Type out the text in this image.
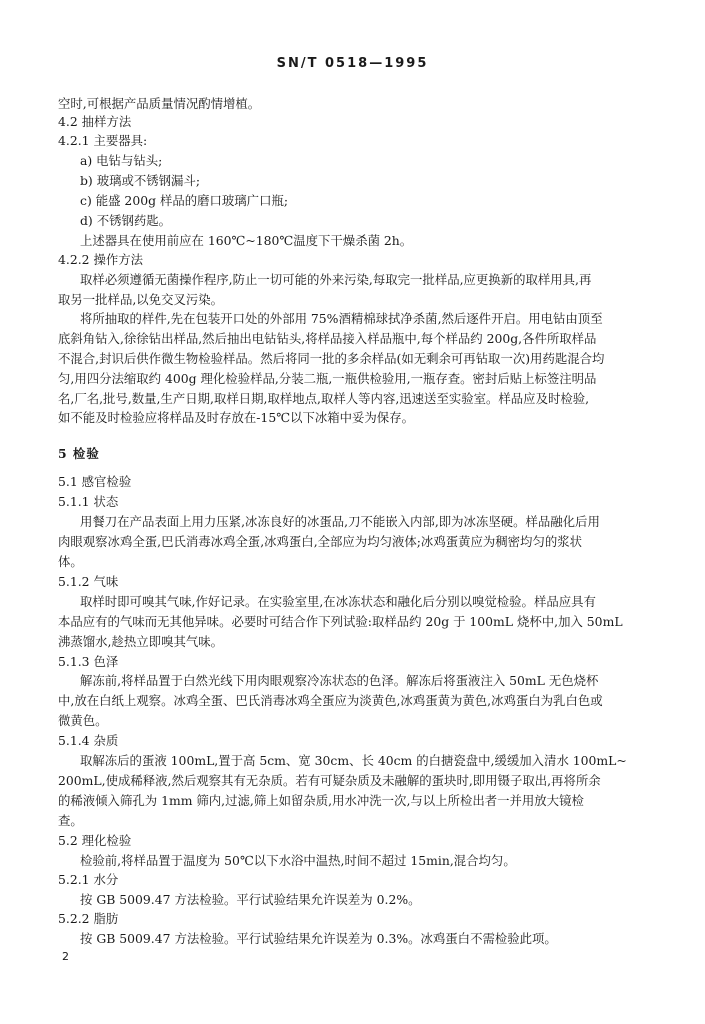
SN/T 0518—1995
空时,可根据产品质量情况酌情增植。
4.2 抽样方法
4.2.1 主要器具:
a) 电钻与钻头;
b) 玻璃或不锈钢漏斗;
c) 能盛 200g 样品的磨口玻璃广口瓶;
d) 不锈钢药匙。
上述器具在使用前应在 160℃~180℃温度下干燥杀菌 2h。
4.2.2 操作方法
取样必须遵循无菌操作程序,防止一切可能的外来污染,每取完一批样品,应更换新的取样用具,再
取另一批样品,以免交叉污染。
将所抽取的样件,先在包装开口处的外部用 75%酒精棉球拭净杀菌,然后逐件开启。用电钻由顶至
底斜角钻入,徐徐钻出样品,然后抽出电钻钻头,将样品接入样品瓶中,每个样品约 200g,各件所取样品
不混合,封识后供作微生物检验样品。然后将同一批的多余样品(如无剩余可再钻取一次)用药匙混合均
匀,用四分法缩取约 400g 理化检验样品,分装二瓶,一瓶供检验用,一瓶存查。密封后贴上标签注明品
名,厂名,批号,数量,生产日期,取样日期,取样地点,取样人等内容,迅速送至实验室。样品应及时检验,
如不能及时检验应将样品及时存放在-15℃以下冰箱中妥为保存。
5 检验
5.1 感官检验
5.1.1 状态
用餐刀在产品表面上用力压紧,冰冻良好的冰蛋品,刀不能嵌入内部,即为冰冻坚硬。样品融化后用
肉眼观察冰鸡全蛋,巴氏消毒冰鸡全蛋,冰鸡蛋白,全部应为均匀液体;冰鸡蛋黄应为稠密均匀的浆状
体。
5.1.2 气味
取样时即可嗅其气味,作好记录。在实验室里,在冰冻状态和融化后分别以嗅觉检验。样品应具有
本品应有的气味而无其他异味。必要时可结合作下列试验:取样品约 20g 于 100mL 烧杯中,加入 50mL
沸蒸馏水,趁热立即嗅其气味。
5.1.3 色泽
解冻前,将样品置于白然光线下用肉眼观察冷冻状态的色泽。解冻后将蛋液注入 50mL 无色烧杯
中,放在白纸上观察。冰鸡全蛋、巴氏消毒冰鸡全蛋应为淡黄色,冰鸡蛋黄为黄色,冰鸡蛋白为乳白色或
微黄色。
5.1.4 杂质
取解冻后的蛋液 100mL,置于高 5cm、宽 30cm、长 40cm 的白搪瓷盘中,缓缓加入清水 100mL~
200mL,使成稀释液,然后观察其有无杂质。若有可疑杂质及未融解的蛋块时,即用镊子取出,再将所余
的稀液倾入筛孔为 1mm 筛内,过滤,筛上如留杂质,用水冲洗一次,与以上所检出者一并用放大镜检
查。
5.2 理化检验
检验前,将样品置于温度为 50℃以下水浴中温热,时间不超过 15min,混合均匀。
5.2.1 水分
按 GB 5009.47 方法检验。平行试验结果允许误差为 0.2%。
5.2.2 脂肪
按 GB 5009.47 方法检验。平行试验结果允许误差为 0.3%。冰鸡蛋白不需检验此项。
2
